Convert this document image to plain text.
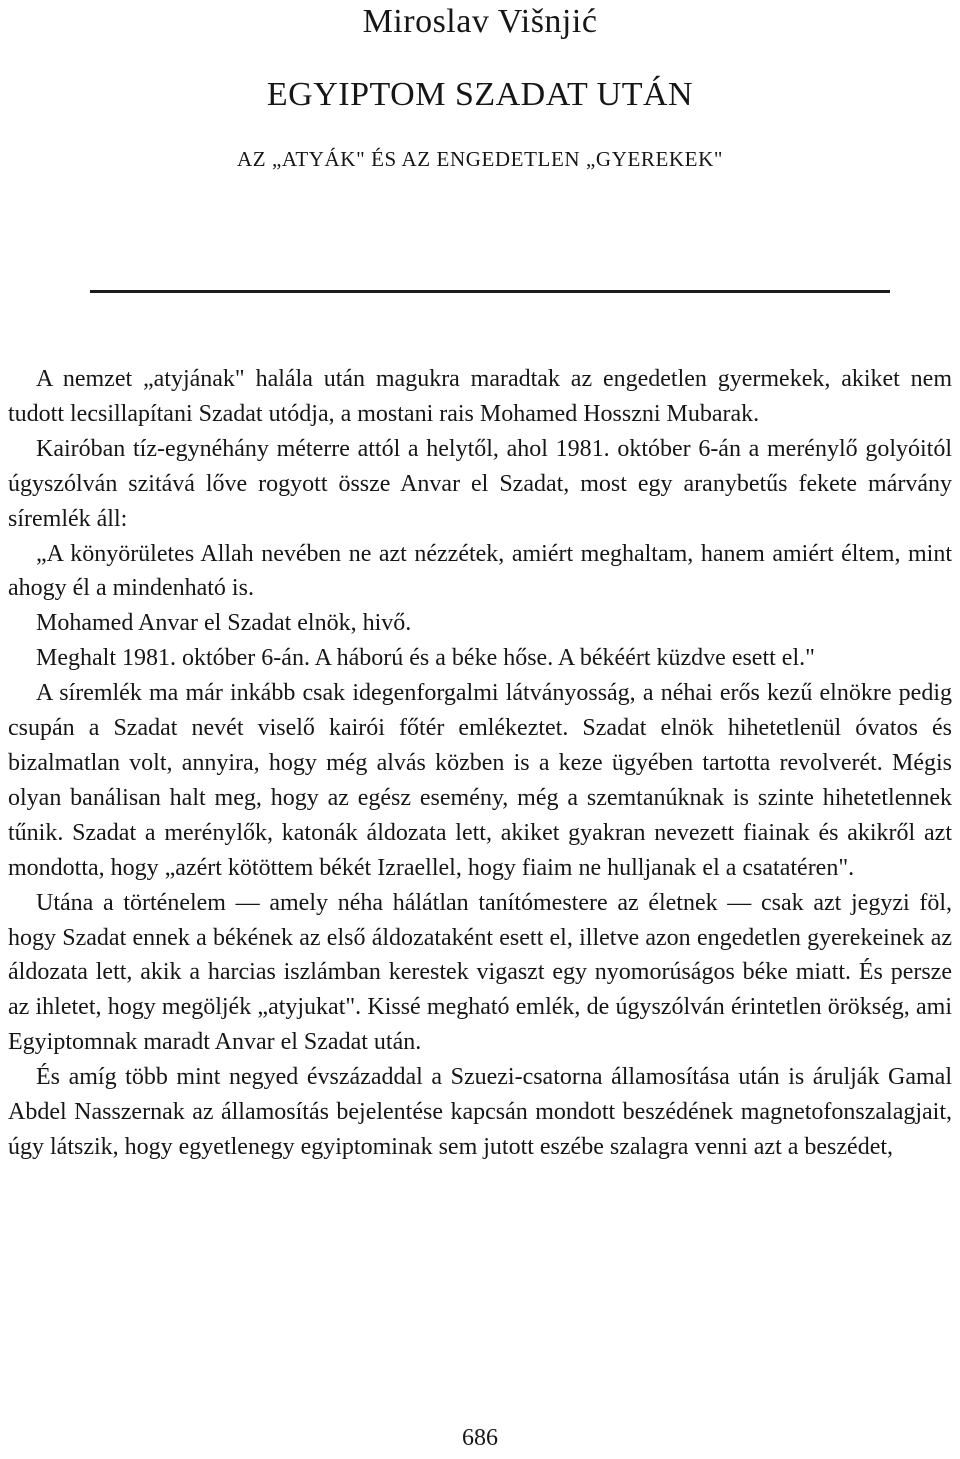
Miroslav Višnjić
EGYIPTOM SZADAT UTÁN
AZ „ATYÁK" ÉS AZ ENGEDETLEN „GYEREKEK"

A nemzet „atyjának" halála után magukra maradtak az engedetlen gyermekek, akiket nem tudott lecsillapítani Szadat utódja, a mostani rais Mohamed Hosszni Mubarak.

Kairóban tíz-egynéhány méterre attól a helytől, ahol 1981. október 6-án a merénylő golyóitól úgyszólván szitává lőve rogyott össze Anvar el Szadat, most egy aranybetűs fekete márvány síremlék áll:

„A könyörületes Allah nevében ne azt nézzétek, amiért meghaltam, hanem amiért éltem, mint ahogy él a mindenható is.

Mohamed Anvar el Szadat elnök, hivő.

Meghalt 1981. október 6-án. A háború és a béke hőse. A békéért küzdve esett el."

A síremlék ma már inkább csak idegenforgalmi látványosság, a néhai erős kezű elnökre pedig csupán a Szadat nevét viselő kairói főtér emlékeztet. Szadat elnök hihetetlenül óvatos és bizalmatlan volt, annyira, hogy még alvás közben is a keze ügyében tartotta revolverét. Mégis olyan banálisan halt meg, hogy az egész esemény, még a szemtanúknak is szinte hihetetlennek tűnik. Szadat a merénylők, katonák áldozata lett, akiket gyakran nevezett fiainak és akikről azt mondotta, hogy „azért kötöttem békét Izraellel, hogy fiaim ne hulljanak el a csatatéren".

Utána a történelem — amely néha hálátlan tanítómestere az életnek — csak azt jegyzi föl, hogy Szadat ennek a békének az első áldozataként esett el, illetve azon engedetlen gyerekeinek az áldozata lett, akik a harcias iszlámban kerestek vigaszt egy nyomorúságos béke miatt. És persze az ihletet, hogy megöljék „atyjukat". Kissé megható emlék, de úgyszólván érintetlen örökség, ami Egyiptomnak maradt Anvar el Szadat után.

És amíg több mint negyed évszázaddal a Szuezi-csatorna államosítása után is árulják Gamal Abdel Nasszernak az államosítás bejelentése kapcsán mondott beszédének magnetofonszalagjait, úgy látszik, hogy egyetlenegy egyiptominak sem jutott eszébe szalagra venni azt a beszédet,

686
